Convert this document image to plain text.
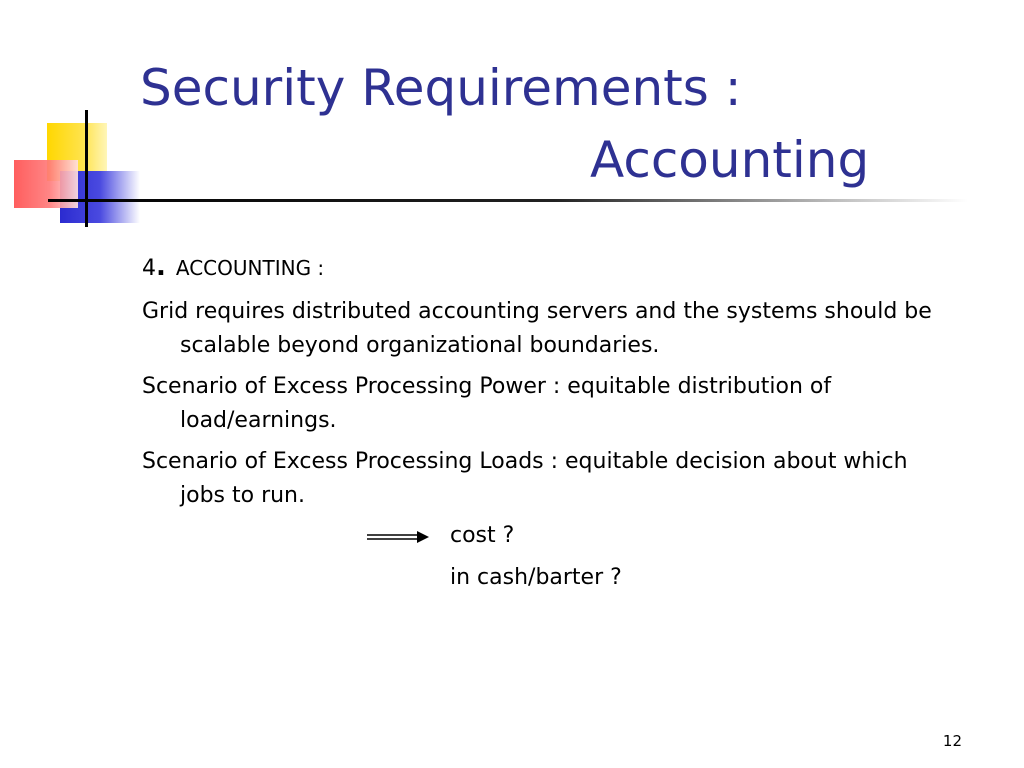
Security Requirements :
Accounting

4. ACCOUNTING :

Grid requires distributed accounting servers and the systems should be scalable beyond organizational boundaries.

Scenario of Excess Processing Power : equitable distribution of load/earnings.

Scenario of Excess Processing Loads : equitable decision about which jobs to run.

cost ?

in cash/barter ?

12
